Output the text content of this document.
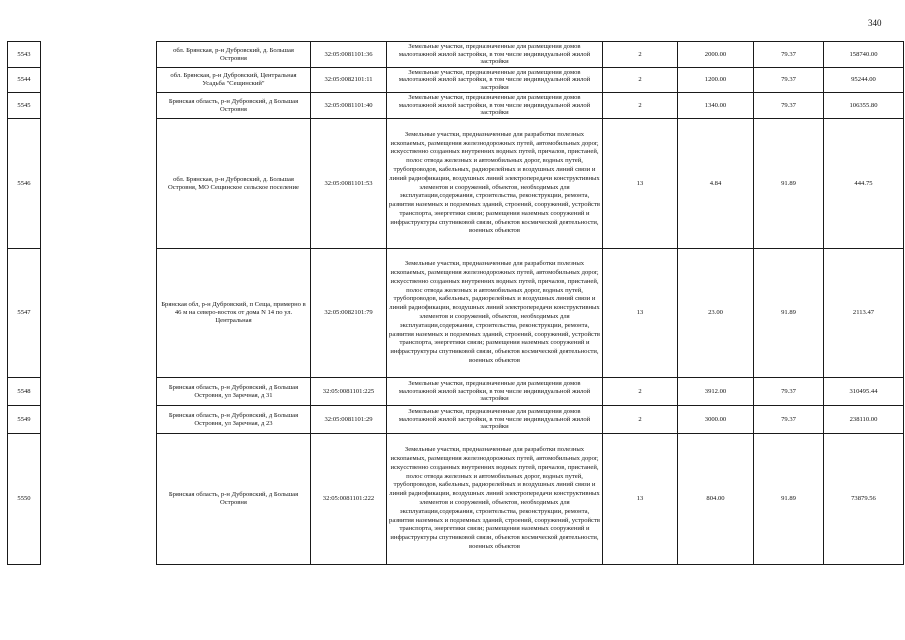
340
5543		обл. Брянская, р-н Дубровский, д. Большая Островня	32:05:0081101:36	Земельные участки, предназначенные для размещения домов малоэтажной жилой застройки, в том числе индивидуальной жилой застройки	2	2000.00	79.37	158740.00
5544		обл. Брянская, р-н Дубровский, Центральная Усадьба "Сещинский"	32:05:0082101:11	Земельные участки, предназначенные для размещения домов малоэтажной жилой застройки, в том числе индивидуальной жилой застройки	2	1200.00	79.37	95244.00
5545		Брянская область, р-н Дубровский, д Большая Островня	32:05:0081101:40	Земельные участки, предназначенные для размещения домов малоэтажной жилой застройки, в том числе индивидуальной жилой застройки	2	1340.00	79.37	106355.80
5546		обл. Брянская, р-н Дубровский, д. Большая Островня, МО Сещинское сельское поселение	32:05:0081101:53	Земельные участки, предназначенные для разработки полезных ископаемых, размещения железнодорожных путей, автомобильных дорог, искусственно созданных внутренних водных путей, причалов, пристаней, полос отвода железных и автомобильных дорог, водных путей, трубопроводов, кабельных, радиорелейных и воздушных линий связи и линий радиофикации, воздушных линий электропередачи конструктивных элементов и сооружений, объектов, необходимых для эксплуатации,содержания, строительства, реконструкции, ремонта, развития наземных и подземных зданий, строений, сооружений, устройств транспорта, энергетики связи; размещения наземных сооружений и инфраструктуры спутниковой связи, объектов космической деятельности, военных объектов	13	4.84	91.89	444.75
5547		Брянская обл, р-н Дубровский, п Сеща, примерно в 46 м на северо-восток от дома N 14 по ул. Центральная	32:05:0082101:79	Земельные участки, предназначенные для разработки полезных ископаемых, размещения железнодорожных путей, автомобильных дорог, искусственно созданных внутренних водных путей, причалов, пристаней, полос отвода железных и автомобильных дорог, водных путей, трубопроводов, кабельных, радиорелейных и воздушных линий связи и линий радиофикации, воздушных линий электропередачи конструктивных элементов и сооружений, объектов, необходимых для эксплуатации,содержания, строительства, реконструкции, ремонта, развития наземных и подземных зданий, строений, сооружений, устройств транспорта, энергетики связи; размещения наземных сооружений и инфраструктуры спутниковой связи, объектов космической деятельности, военных объектов	13	23.00	91.89	2113.47
5548		Брянская область, р-н Дубровский, д Большая Островня, ул Заречная, д 31	32:05:0081101:225	Земельные участки, предназначенные для размещения домов малоэтажной жилой застройки, в том числе индивидуальной жилой застройки	2	3912.00	79.37	310495.44
5549		Брянская область, р-н Дубровский, д Большая Островня, ул Заречная, д 23	32:05:0081101:29	Земельные участки, предназначенные для размещения домов малоэтажной жилой застройки, в том числе индивидуальной жилой застройки	2	3000.00	79.37	238110.00
5550		Брянская область, р-н Дубровский, д Большая Островня	32:05:0081101:222	Земельные участки, предназначенные для разработки полезных ископаемых, размещения железнодорожных путей, автомобильных дорог, искусственно созданных внутренних водных путей, причалов, пристаней, полос отвода железных и автомобильных дорог, водных путей, трубопроводов, кабельных, радиорелейных и воздушных линий связи и линий радиофикации, воздушных линий электропередачи конструктивных элементов и сооружений, объектов, необходимых для эксплуатации,содержания, строительства, реконструкции, ремонта, развития наземных и подземных зданий, строений, сооружений, устройств транспорта, энергетики связи; размещения наземных сооружений и инфраструктуры спутниковой связи, объектов космической деятельности, военных объектов	13	804.00	91.89	73879.56
